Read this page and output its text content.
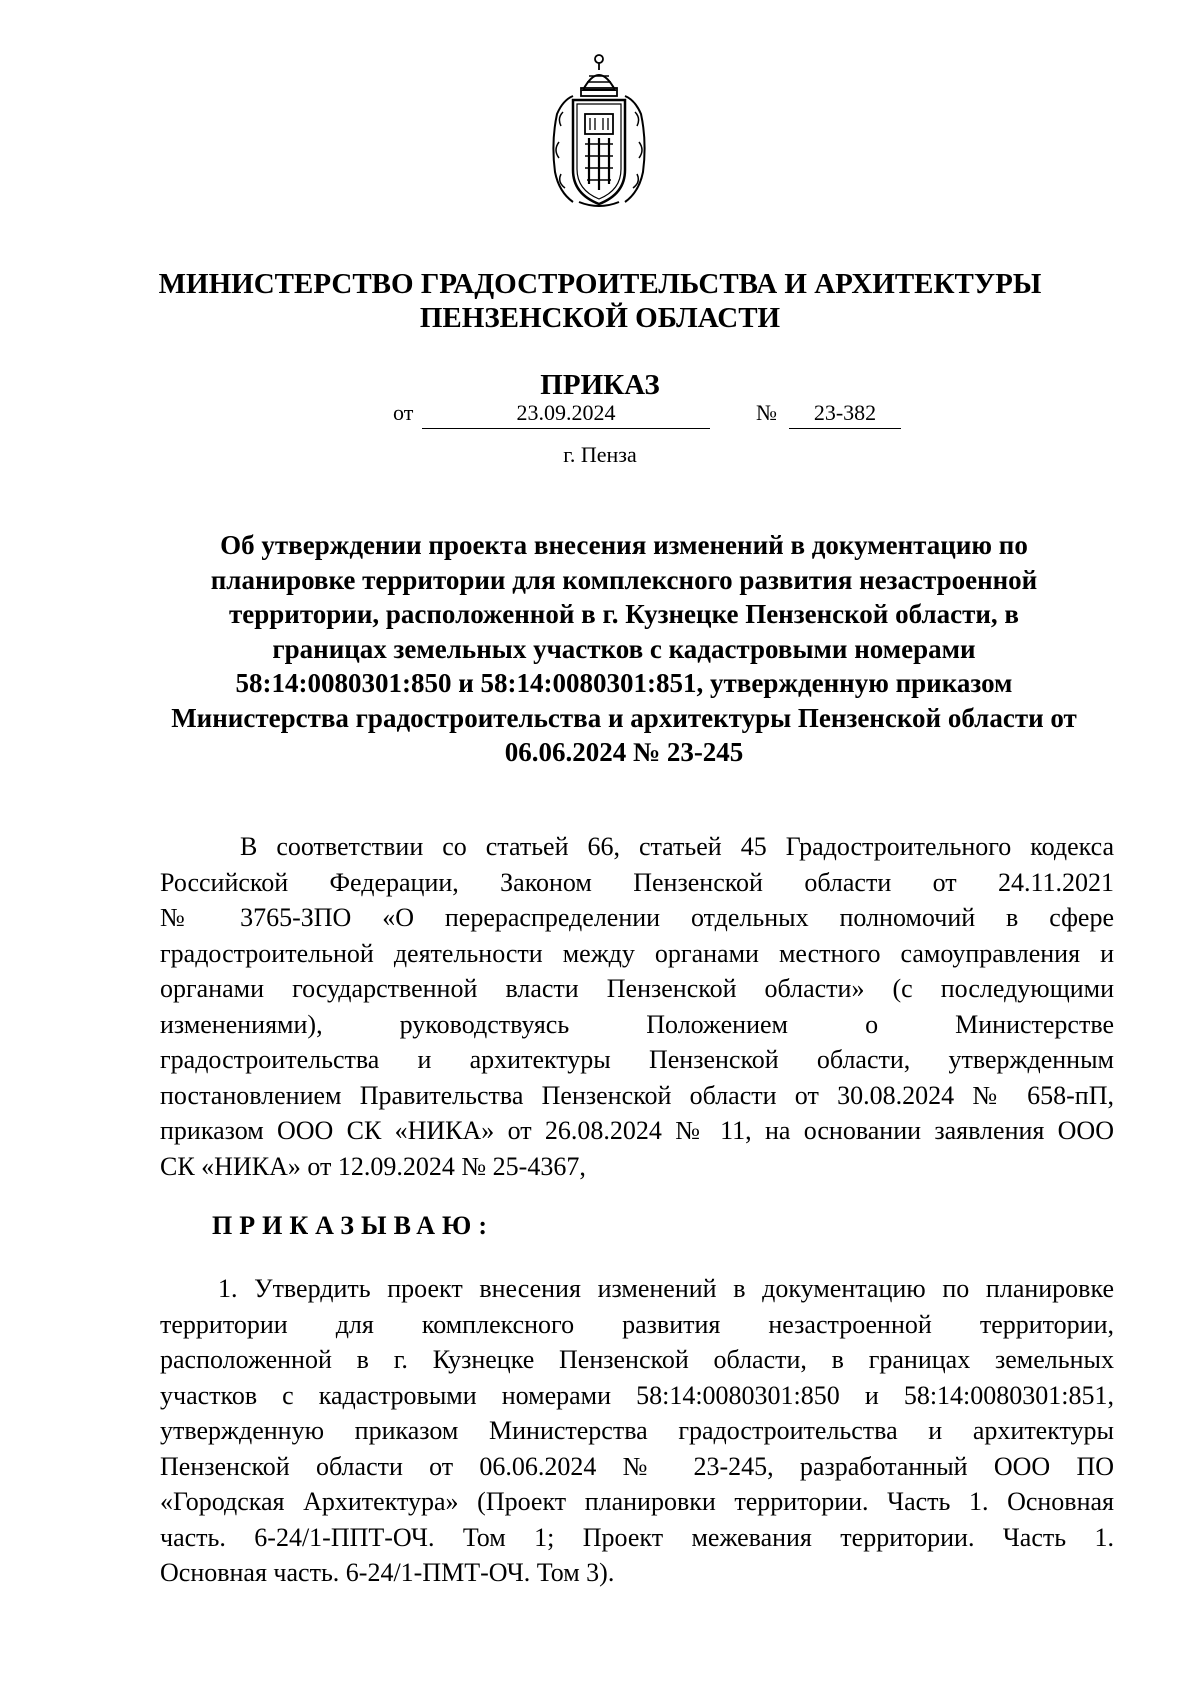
МИНИСТЕРСТВО ГРАДОСТРОИТЕЛЬСТВА И АРХИТЕКТУРЫ
ПЕНЗЕНСКОЙ ОБЛАСТИ
ПРИКАЗ
от	23.09.2024	№	23-382
г. Пенза
Об утверждении проекта внесения изменений в документацию по
планировке территории для комплексного развития незастроенной
территории, расположенной в г. Кузнецке Пензенской области, в
границах земельных участков с кадастровыми номерами
58:14:0080301:850 и 58:14:0080301:851, утвержденную приказом
Министерства градостроительства и архитектуры Пензенской области от
06.06.2024 № 23-245
В соответствии со статьей 66, статьей 45 Градостроительного кодекса
Российской Федерации, Законом Пензенской области от 24.11.2021
№ 3765-ЗПО «О перераспределении отдельных полномочий в сфере
градостроительной деятельности между органами местного самоуправления и
органами государственной власти Пензенской области» (с последующими
изменениями), руководствуясь Положением о Министерстве
градостроительства и архитектуры Пензенской области, утвержденным
постановлением Правительства Пензенской области от 30.08.2024 № 658-пП,
приказом ООО СК «НИКА» от 26.08.2024 № 11, на основании заявления ООО
СК «НИКА» от 12.09.2024 № 25-4367,
ПРИКАЗЫВАЮ:
1. Утвердить проект внесения изменений в документацию по планировке
территории для комплексного развития незастроенной территории,
расположенной в г. Кузнецке Пензенской области, в границах земельных
участков с кадастровыми номерами 58:14:0080301:850 и 58:14:0080301:851,
утвержденную приказом Министерства градостроительства и архитектуры
Пензенской области от 06.06.2024 № 23-245, разработанный ООО ПО
«Городская Архитектура» (Проект планировки территории. Часть 1. Основная
часть. 6-24/1-ППТ-ОЧ. Том 1; Проект межевания территории. Часть 1.
Основная часть. 6-24/1-ПМТ-ОЧ. Том 3).
